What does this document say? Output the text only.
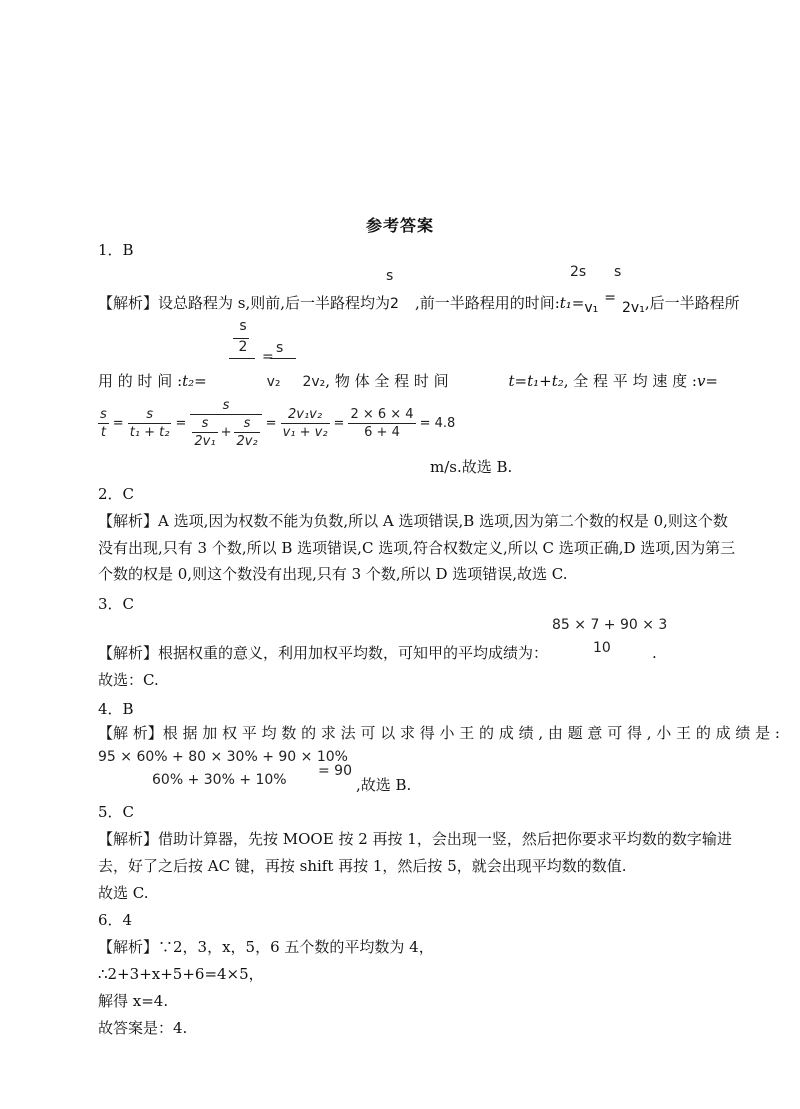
参考答案
1．B
s	2s s
【解析】设总路程为 s,则前,后一半路程均为2 ,前一半路程用的时间:t₁=v₁=2v₁,后一半路程所
s
2
=
s
用 的 时 间 :t₂=	v₂ 2v₂, 物 体 全 程 时 间	t=t₁+t₂, 全 程 平 均 速 度 :v=
$\frac{s}{t} = \frac{s}{\text{t₁ + t₂}} = \frac{s}{\frac{s}{\text{2v₁}} + \frac{s}{\text{2v₂}}} = \frac{\text{2v₁v₂}}{\text{v₁ + v₂}} = \frac{2 \times 6 \times 4}{6 + 4} = 4.8$
m/s.故选 B.
2．C
【解析】A 选项,因为权数不能为负数,所以 A 选项错误,B 选项,因为第二个数的权是 0,则这个数
没有出现,只有 3 个数,所以 B 选项错误,C 选项,符合权数定义,所以 C 选项正确,D 选项,因为第三
个数的权是 0,则这个数没有出现,只有 3 个数,所以 D 选项错误,故选 C.
3．C
85 × 7 + 90 × 3
【解析】根据权重的意义，利用加权平均数，可知甲的平均成绩为：	10	.
故选：C.
4．B
【解 析】根 据 加 权 平 均 数 的 求 法 可 以 求 得 小 王 的 成 绩 , 由 题 意 可 得 , 小 王 的 成 绩 是 :
95 × 60% + 80 × 30% + 90 × 10%
60% + 30% + 10%
= 90
,故选 B.
5．C
【解析】借助计算器，先按 MOOE 按 2 再按 1，会出现一竖，然后把你要求平均数的数字输进
去，好了之后按 AC 键，再按 shift 再按 1，然后按 5，就会出现平均数的数值.
故选 C.
6．4
【解析】∵2，3，x，5，6 五个数的平均数为 4，
∴2+3+x+5+6=4×5，
解得 x=4.
故答案是：4.
